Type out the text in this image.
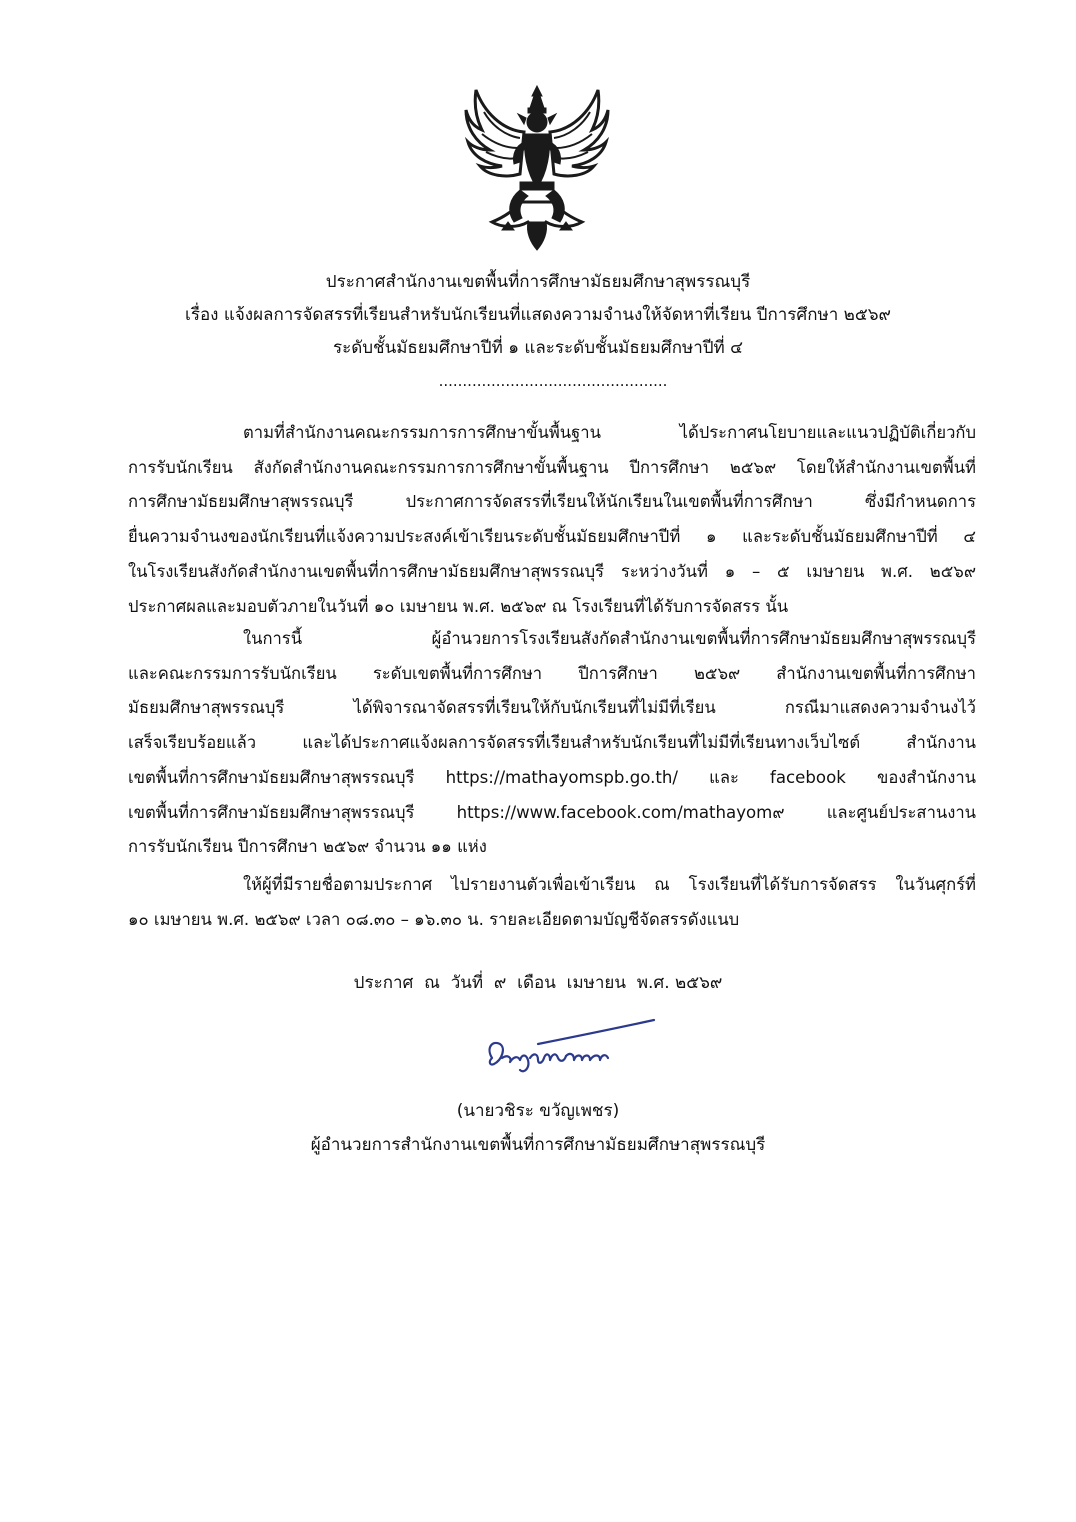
ประกาศสำนักงานเขตพื้นที่การศึกษามัธยมศึกษาสุพรรณบุรี
เรื่อง แจ้งผลการจัดสรรที่เรียนสำหรับนักเรียนที่แสดงความจำนงให้จัดหาที่เรียน ปีการศึกษา ๒๕๖๙
ระดับชั้นมัธยมศึกษาปีที่ ๑ และระดับชั้นมัธยมศึกษาปีที่ ๔
................................................
ตามที่สำนักงานคณะกรรมการการศึกษาขั้นพื้นฐาน ได้ประกาศนโยบายและแนวปฏิบัติเกี่ยวกับ
การรับนักเรียน สังกัดสำนักงานคณะกรรมการการศึกษาขั้นพื้นฐาน ปีการศึกษา ๒๕๖๙ โดยให้สำนักงานเขตพื้นที่
การศึกษามัธยมศึกษาสุพรรณบุรี ประกาศการจัดสรรที่เรียนให้นักเรียนในเขตพื้นที่การศึกษา ซึ่งมีกำหนดการ
ยื่นความจำนงของนักเรียนที่แจ้งความประสงค์เข้าเรียนระดับชั้นมัธยมศึกษาปีที่ ๑ และระดับชั้นมัธยมศึกษาปีที่ ๔
ในโรงเรียนสังกัดสำนักงานเขตพื้นที่การศึกษามัธยมศึกษาสุพรรณบุรี ระหว่างวันที่ ๑ – ๕ เมษายน พ.ศ. ๒๕๖๙
ประกาศผลและมอบตัวภายในวันที่ ๑๐ เมษายน พ.ศ. ๒๕๖๙ ณ โรงเรียนที่ได้รับการจัดสรร นั้น
ในการนี้ ผู้อำนวยการโรงเรียนสังกัดสำนักงานเขตพื้นที่การศึกษามัธยมศึกษาสุพรรณบุรี
และคณะกรรมการรับนักเรียน ระดับเขตพื้นที่การศึกษา ปีการศึกษา ๒๕๖๙ สำนักงานเขตพื้นที่การศึกษา
มัธยมศึกษาสุพรรณบุรี ได้พิจารณาจัดสรรที่เรียนให้กับนักเรียนที่ไม่มีที่เรียน กรณีมาแสดงความจำนงไว้
เสร็จเรียบร้อยแล้ว และได้ประกาศแจ้งผลการจัดสรรที่เรียนสำหรับนักเรียนที่ไม่มีที่เรียนทางเว็บไซต์ สำนักงาน
เขตพื้นที่การศึกษามัธยมศึกษาสุพรรณบุรี https://mathayomspb.go.th/ และ facebook ของสำนักงาน
เขตพื้นที่การศึกษามัธยมศึกษาสุพรรณบุรี https://www.facebook.com/mathayom๙ และศูนย์ประสานงาน
การรับนักเรียน ปีการศึกษา ๒๕๖๙ จำนวน ๑๑ แห่ง
ให้ผู้ที่มีรายชื่อตามประกาศ ไปรายงานตัวเพื่อเข้าเรียน ณ โรงเรียนที่ได้รับการจัดสรร ในวันศุกร์ที่
๑๐ เมษายน พ.ศ. ๒๕๖๙ เวลา ๐๘.๓๐ – ๑๖.๓๐ น. รายละเอียดตามบัญชีจัดสรรดังแนบ
ประกาศ  ณ  วันที่  ๙  เดือน  เมษายน  พ.ศ. ๒๕๖๙
(นายวชิระ ขวัญเพชร)
ผู้อำนวยการสำนักงานเขตพื้นที่การศึกษามัธยมศึกษาสุพรรณบุรี
